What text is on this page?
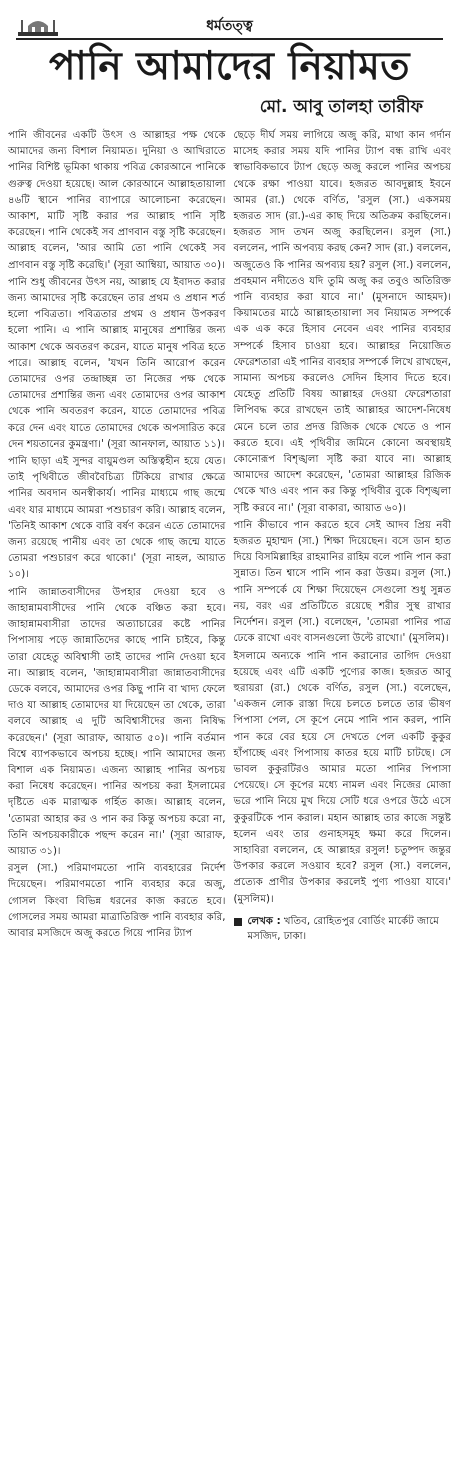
ধর্মতত্ত্ব
পানি আমাদের নিয়ামত
মো. আবু তালহা তারীফ

পানি জীবনের একটি উৎস ও আল্লাহর পক্ষ থেকে আমাদের জন্য বিশাল নিয়ামত। দুনিয়া ও আখিরাতে পানির বিশিষ্ট ভূমিকা থাকায় পবিত্র কোরআনে পানিকে গুরুত্ব দেওয়া হয়েছে। আল কোরআনে আল্লাহতায়ালা ৪৬টি স্থানে পানির ব্যাপারে আলোচনা করেছেন। আকাশ, মাটি সৃষ্টি করার পর আল্লাহ পানি সৃষ্টি করেছেন। পানি থেকেই সব প্রাণবান বস্তু সৃষ্টি করেছেন। আল্লাহ বলেন, 'আর আমি তো পানি থেকেই সব প্রাণবান বস্তু সৃষ্টি করেছি।' (সূরা আম্বিয়া, আয়াত ৩০)।

পানি শুধু জীবনের উৎস নয়, আল্লাহ যে ইবাদত করার জন্য আমাদের সৃষ্টি করেছেন তার প্রথম ও প্রধান শর্ত হলো পবিত্রতা। পবিত্রতার প্রথম ও প্রধান উপকরণ হলো পানি। এ পানি আল্লাহ মানুষের প্রশান্তির জন্য আকাশ থেকে অবতরণ করেন, যাতে মানুষ পবিত্র হতে পারে। আল্লাহ বলেন, 'যখন তিনি আরোপ করেন তোমাদের ওপর তন্দ্রাচ্ছন্ন তা নিজের পক্ষ থেকে তোমাদের প্রশান্তির জন্য এবং তোমাদের ওপর আকাশ থেকে পানি অবতরণ করেন, যাতে তোমাদের পবিত্র করে দেন এবং যাতে তোমাদের থেকে অপসারিত করে দেন শয়তানের কুমন্ত্রণা।' (সূরা আনফাল, আয়াত ১১)।

পানি ছাড়া এই সুন্দর বায়ুমণ্ডল অস্তিত্বহীন হয়ে যেত। তাই পৃথিবীতে জীববৈচিত্র্য টিকিয়ে রাখার ক্ষেত্রে পানির অবদান অনস্বীকার্য। পানির মাধ্যমে গাছ জন্মে এবং যার মাধ্যমে আমরা পশুচারণ করি। আল্লাহ বলেন, 'তিনিই আকাশ থেকে বারি বর্ষণ করেন এতে তোমাদের জন্য রয়েছে পানীয় এবং তা থেকে গাছ জন্মে যাতে তোমরা পশুচারণ করে থাকো।' (সূরা নাহল, আয়াত ১০)।

পানি জান্নাতবাসীদের উপহার দেওয়া হবে ও জাহান্নামবাসীদের পানি থেকে বঞ্চিত করা হবে। জাহান্নামবাসীরা তাদের অত্যাচারের কষ্টে পানির পিপাসায় পড়ে জান্নাতিদের কাছে পানি চাইবে, কিন্তু তারা যেহেতু অবিশ্বাসী তাই তাদের পানি দেওয়া হবে না। আল্লাহ বলেন, 'জাহান্নামবাসীরা জান্নাতবাসীদের ডেকে বলবে, আমাদের ওপর কিছু পানি বা খাদ্য ফেলে দাও যা আল্লাহ তোমাদের যা দিয়েছেন তা থেকে, তারা বলবে আল্লাহ এ দুটি অবিশ্বাসীদের জন্য নিষিদ্ধ করেছেন।' (সূরা আরাফ, আয়াত ৫০)। পানি বর্তমান বিশ্বে ব্যাপকভাবে অপচয় হচ্ছে। পানি আমাদের জন্য বিশাল এক নিয়ামত। এজন্য আল্লাহ পানির অপচয় করা নিষেধ করেছেন। পানির অপচয় করা ইসলামের দৃষ্টিতে এক মারাত্মক গর্হিত কাজ। আল্লাহ বলেন, 'তোমরা আহার কর ও পান কর কিন্তু অপচয় করো না, তিনি অপচয়কারীকে পছন্দ করেন না।' (সূরা আরাফ, আয়াত ৩১)।

রসুল (সা.) পরিমাণমতো পানি ব্যবহারের নির্দেশ দিয়েছেন। পরিমাণমতো পানি ব্যবহার করে অজু, গোসল কিংবা বিভিন্ন ধরনের কাজ করতে হবে। গোসলের সময় আমরা মাত্রাতিরিক্ত পানি ব্যবহার করি, আবার মসজিদে অজু করতে গিয়ে পানির ট্যাপ

ছেড়ে দীর্ঘ সময় লাগিয়ে অজু করি, মাথা কান গর্দান মাসেহ করার সময় যদি পানির ট্যাপ বন্ধ রাখি এবং স্বাভাবিকভাবে ট্যাপ ছেড়ে অজু করলে পানির অপচয় থেকে রক্ষা পাওয়া যাবে। হজরত আবদুল্লাহ ইবনে আমর (রা.) থেকে বর্ণিত, 'রসুল (সা.) একসময় হজরত সাদ (রা.)-এর কাছ দিয়ে অতিক্রম করছিলেন। হজরত সাদ তখন অজু করছিলেন। রসুল (সা.) বললেন, পানি অপব্যয় করছ কেন? সাদ (রা.) বললেন, অজুতেও কি পানির অপব্যয় হয়? রসুল (সা.) বললেন, প্রবহমান নদীতেও যদি তুমি অজু কর তবুও অতিরিক্ত পানি ব্যবহার করা যাবে না।' (মুসনাদে আহমদ)। কিয়ামতের মাঠে আল্লাহতায়ালা সব নিয়ামত সম্পর্কে এক এক করে হিসাব নেবেন এবং পানির ব্যবহার সম্পর্কে হিসাব চাওয়া হবে। আল্লাহর নিয়োজিত ফেরেশতারা এই পানির ব্যবহার সম্পর্কে লিখে রাখছেন, সামান্য অপচয় করলেও সেদিন হিসাব দিতে হবে। যেহেতু প্রতিটি বিষয় আল্লাহর দেওয়া ফেরেশতারা লিপিবদ্ধ করে রাখছেন তাই আল্লাহর আদেশ-নিষেধ মেনে চলে তার প্রদত্ত রিজিক থেকে খেতে ও পান করতে হবে। এই পৃথিবীর জমিনে কোনো অবস্থায়ই কোনোরূপ বিশৃঙ্খলা সৃষ্টি করা যাবে না। আল্লাহ আমাদের আদেশ করেছেন, 'তোমরা আল্লাহর রিজিক থেকে খাও এবং পান কর কিন্তু পৃথিবীর বুকে বিশৃঙ্খলা সৃষ্টি করবে না।' (সূরা বাকারা, আয়াত ৬০)।

পানি কীভাবে পান করতে হবে সেই আদব প্রিয় নবী হজরত মুহাম্মদ (সা.) শিক্ষা দিয়েছেন। বসে ডান হাত দিয়ে বিসমিল্লাহির রাহমানির রাহিম বলে পানি পান করা সুন্নাত। তিন শ্বাসে পানি পান করা উত্তম। রসুল (সা.) পানি সম্পর্কে যে শিক্ষা দিয়েছেন সেগুলো শুধু সুন্নত নয়, বরং এর প্রতিটিতে রয়েছে শরীর সুস্থ রাখার নির্দেশন। রসুল (সা.) বলেছেন, 'তোমরা পানির পাত্র ঢেকে রাখো এবং বাসনগুলো উল্টে রাখো।' (মুসলিম)।

ইসলামে অন্যকে পানি পান করানোর তাগিদ দেওয়া হয়েছে এবং এটি একটি পুণ্যের কাজ। হজরত আবু হুরায়রা (রা.) থেকে বর্ণিত, রসুল (সা.) বলেছেন, 'একজন লোক রাস্তা দিয়ে চলতে চলতে তার ভীষণ পিপাসা পেল, সে কূপে নেমে পানি পান করল, পানি পান করে বের হয়ে সে দেখতে পেল একটি কুকুর হাঁপাচ্ছে এবং পিপাসায় কাতর হয়ে মাটি চাটছে। সে ভাবল কুকুরটিরও আমার মতো পানির পিপাসা পেয়েছে। সে কূপের মধ্যে নামল এবং নিজের মোজা ভরে পানি নিয়ে মুখ দিয়ে সেটি ধরে ওপরে উঠে এসে কুকুরটিকে পান করাল। মহান আল্লাহ তার কাজে সন্তুষ্ট হলেন এবং তার গুনাহসমূহ ক্ষমা করে দিলেন। সাহাবিরা বললেন, হে আল্লাহর রসুল! চতুষ্পদ জন্তুর উপকার করলে সওয়াব হবে? রসুল (সা.) বললেন, প্রত্যেক প্রাণীর উপকার করলেই পুণ্য পাওয়া যাবে।' (মুসলিম)।

লেখক : খতিব, রোহিতপুর বোর্ডিং মার্কেট জামে মসজিদ, ঢাকা।
